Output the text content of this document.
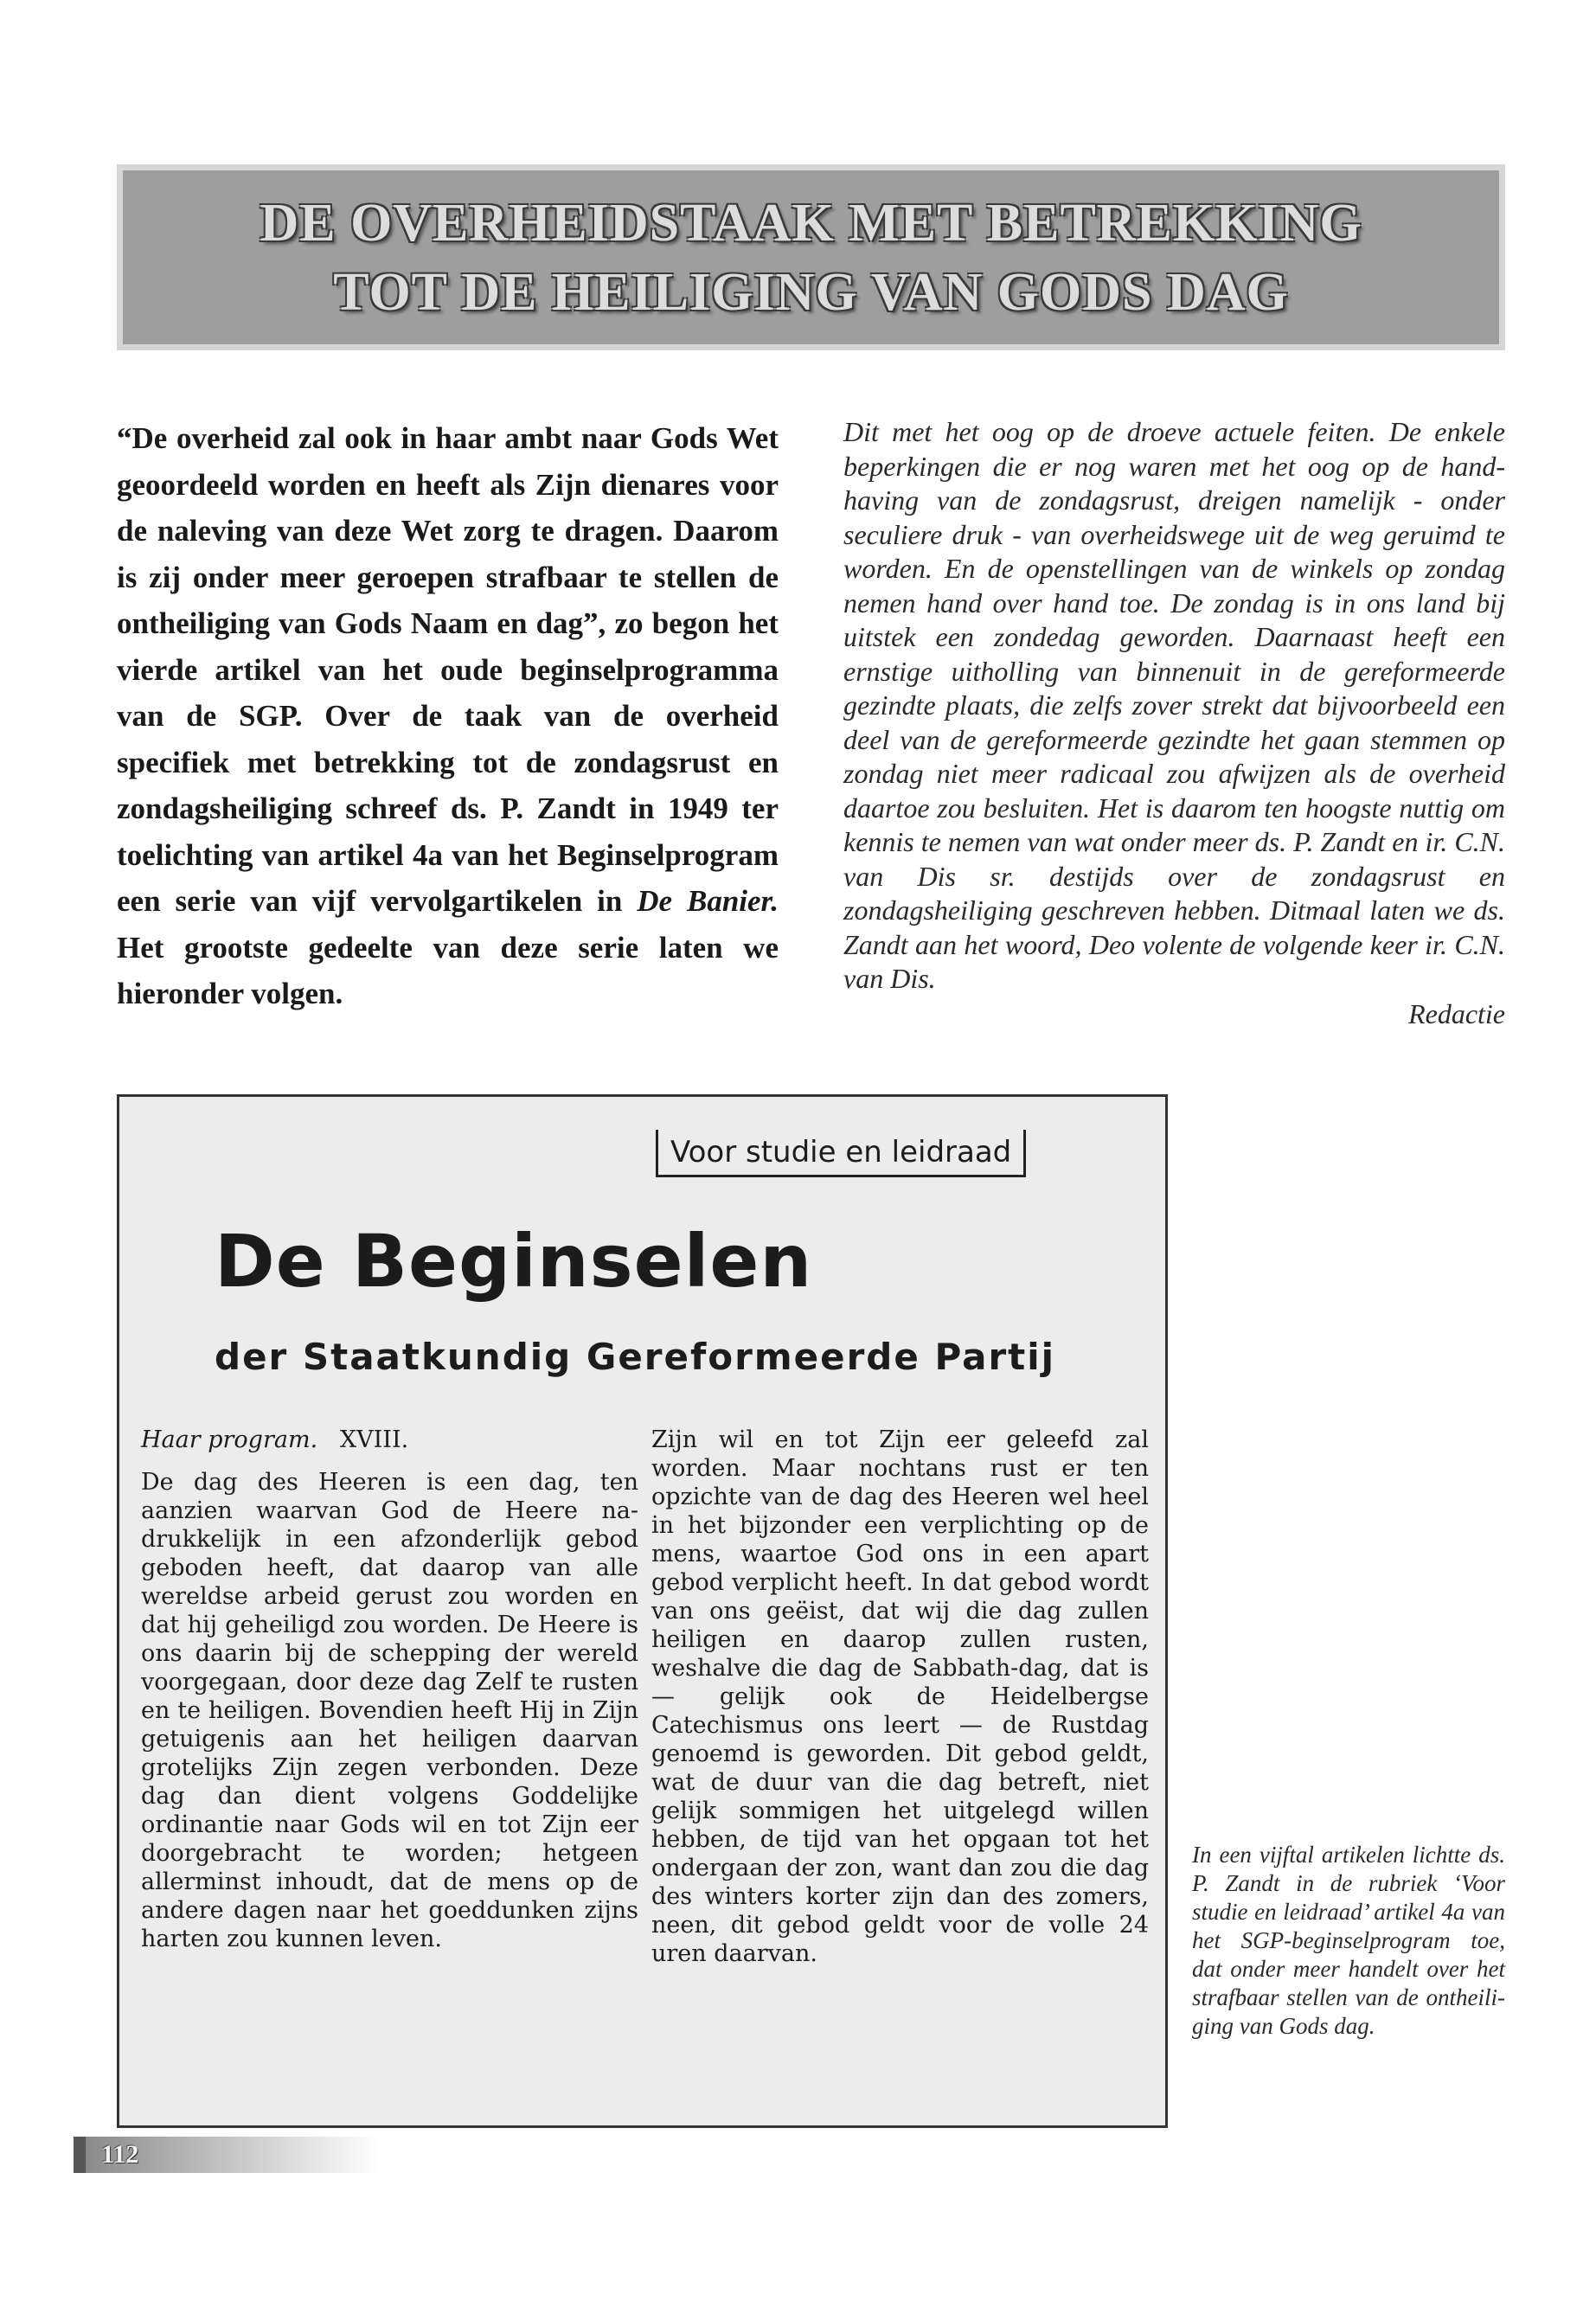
DE OVERHEIDSTAAK MET BETREKKING
TOT DE HEILIGING VAN GODS DAG

“De overheid zal ook in haar ambt naar Gods Wet geoordeeld worden en heeft als Zijn dienares voor de naleving van deze Wet zorg te dragen. Daarom is zij onder meer geroepen strafbaar te stellen de ontheiliging van Gods Naam en dag”, zo begon het vierde artikel van het oude beginselprogramma van de SGP. Over de taak van de overheid specifiek met betrekking tot de zondagsrust en zondagsheiliging schreef ds. P. Zandt in 1949 ter toelichting van artikel 4a van het Beginselprogram een serie van vijf vervolgartikelen in De Banier. Het grootste gedeelte van deze serie laten we hieronder volgen.

Dit met het oog op de droeve actuele feiten. De enkele beperkingen die er nog waren met het oog op de handhaving van de zondagsrust, dreigen namelijk - onder seculiere druk - van overheidswege uit de weg geruimd te worden. En de openstellingen van de winkels op zondag nemen hand over hand toe. De zondag is in ons land bij uitstek een zondedag geworden. Daarnaast heeft een ernstige uitholling van binnenuit in de gereformeerde gezindte plaats, die zelfs zover strekt dat bijvoorbeeld een deel van de gereformeerde gezindte het gaan stemmen op zondag niet meer radicaal zou afwijzen als de overheid daartoe zou besluiten. Het is daarom ten hoogste nuttig om kennis te nemen van wat onder meer ds. P. Zandt en ir. C.N. van Dis sr. destijds over de zondagsrust en zondagsheiliging geschreven hebben. Ditmaal laten we ds. Zandt aan het woord, Deo volente de volgende keer ir. C.N. van Dis.

Redactie
Voor studie en leidraad
De Beginselen
der Staatkundig Gereformeerde Partij

Haar program. XVIII.

De dag des Heeren is een dag, ten aanzien waarvan God de Heere nadrukkelijk in een afzonderlijk gebod geboden heeft, dat daarop van alle wereldse arbeid gerust zou worden en dat hij geheiligd zou worden. De Heere is ons daarin bij de schepping der wereld voorgegaan, door deze dag Zelf te rusten en te heiligen. Bovendien heeft Hij in Zijn getuigenis aan het heiligen daarvan grotelijks Zijn zegen verbonden. Deze dag dan dient volgens Goddelijke ordinantie naar Gods wil en tot Zijn eer doorgebracht te worden; hetgeen allerminst inhoudt, dat de mens op de andere dagen naar het goeddunken zijns harten zou kunnen leven.

Zijn wil en tot Zijn eer geleefd zal worden. Maar nochtans rust er ten opzichte van de dag des Heeren wel heel in het bijzonder een verplichting op de mens, waartoe God ons in een apart gebod verplicht heeft. In dat gebod wordt van ons geëist, dat wij die dag zullen heiligen en daarop zullen rusten, weshalve die dag de Sabbath-dag, dat is — gelijk ook de Heidelbergse Catechismus ons leert — de Rustdag genoemd is geworden. Dit gebod geldt, wat de duur van die dag betreft, niet gelijk sommigen het uitgelegd willen hebben, de tijd van het opgaan tot het ondergaan der zon, want dan zou die dag des winters korter zijn dan des zomers, neen, dit gebod geldt voor de volle 24 uren daarvan.

In een vijftal artikelen lichtte ds. P. Zandt in de rubriek ‘Voor studie en leidraad’ artikel 4a van het SGP-beginselprogram toe, dat onder meer handelt over het strafbaar stellen van de ontheiliging van Gods dag.

112
